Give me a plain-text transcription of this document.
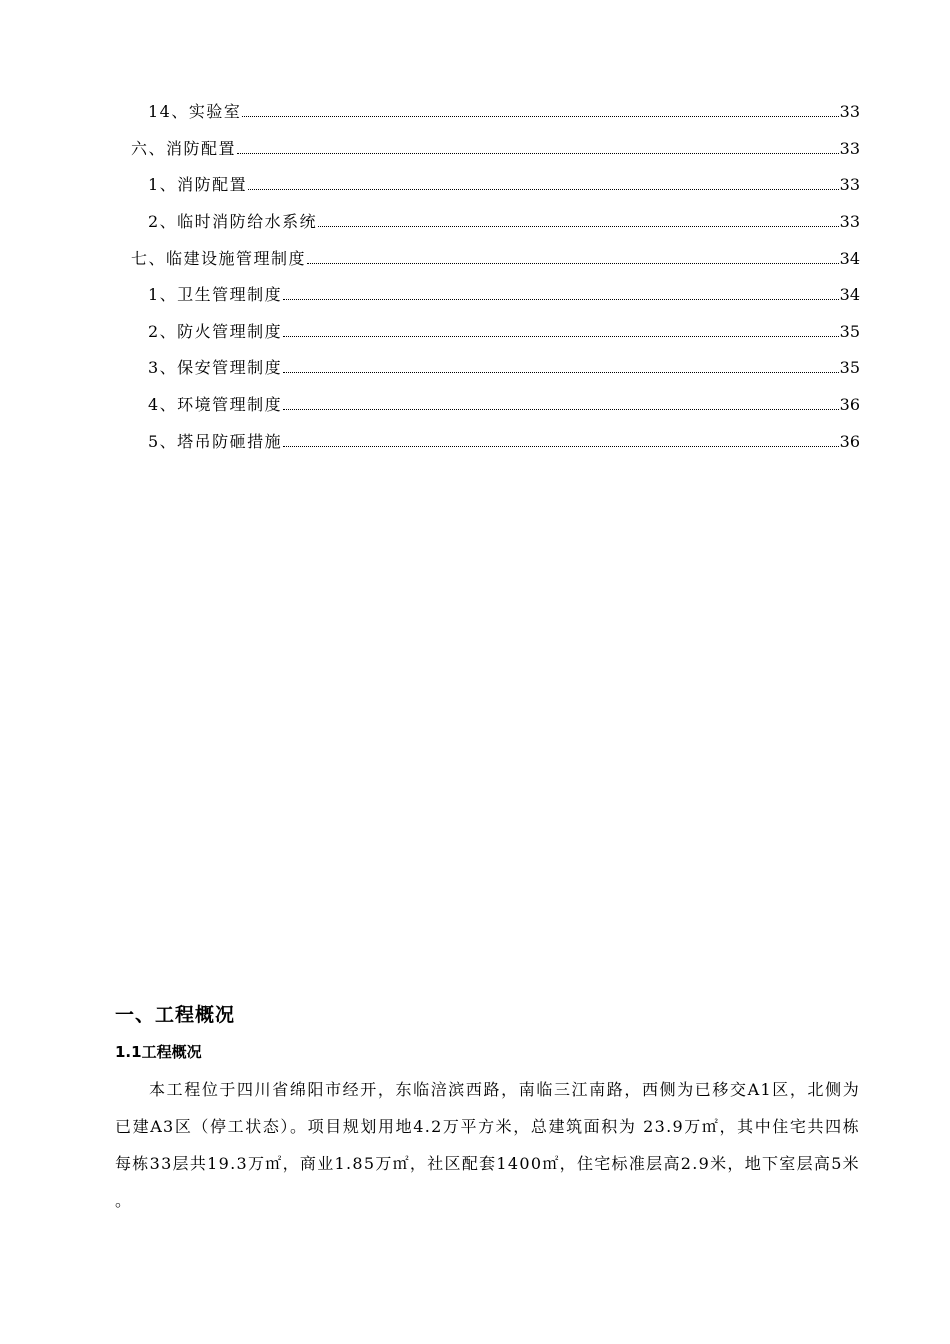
14、实验室	33
六、消防配置	33
1、消防配置	33
2、临时消防给水系统	33
七、临建设施管理制度	34
1、卫生管理制度	34
2、防火管理制度	35
3、保安管理制度	35
4、环境管理制度	36
5、塔吊防砸措施	36
一、工程概况
1.1工程概况
本工程位于四川省绵阳市经开，东临涪滨西路，南临三江南路，西侧为已移交A1区，北侧为已建A3区（停工状态）。项目规划用地4.2万平方米，总建筑面积为 23.9万㎡，其中住宅共四栋每栋33层共19.3万㎡，商业1.85万㎡，社区配套1400㎡，住宅标准层高2.9米，地下室层高5米 。
